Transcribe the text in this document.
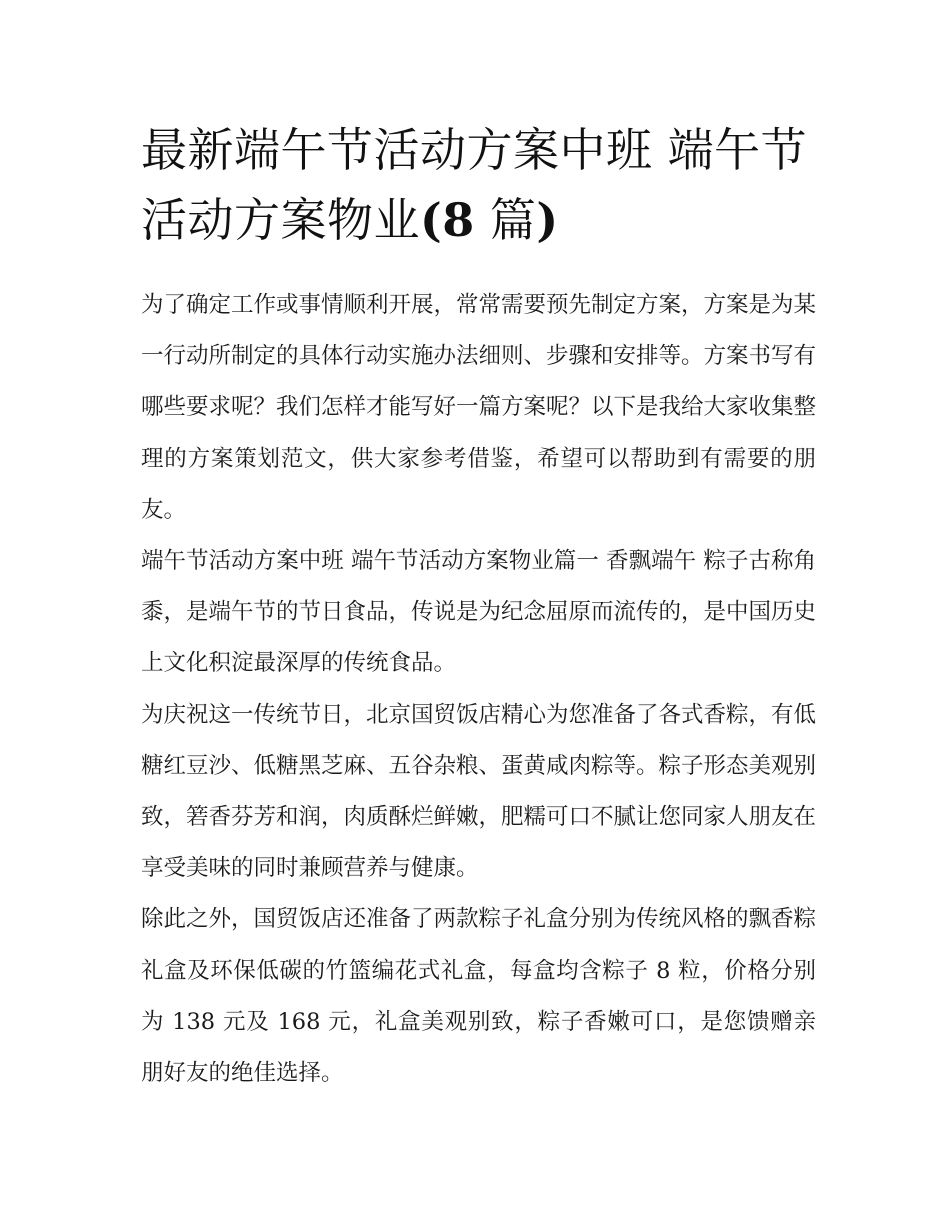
最新端午节活动方案中班 端午节活动方案物业(8 篇)

为了确定工作或事情顺利开展，常常需要预先制定方案，方案是为某一行动所制定的具体行动实施办法细则、步骤和安排等。方案书写有哪些要求呢？我们怎样才能写好一篇方案呢？以下是我给大家收集整理的方案策划范文，供大家参考借鉴，希望可以帮助到有需要的朋友。

端午节活动方案中班 端午节活动方案物业篇一 香飘端午 粽子古称角黍，是端午节的节日食品，传说是为纪念屈原而流传的，是中国历史上文化积淀最深厚的传统食品。

为庆祝这一传统节日，北京国贸饭店精心为您准备了各式香粽，有低糖红豆沙、低糖黑芝麻、五谷杂粮、蛋黄咸肉粽等。粽子形态美观别致，箬香芬芳和润，肉质酥烂鲜嫩，肥糯可口不腻让您同家人朋友在享受美味的同时兼顾营养与健康。

除此之外，国贸饭店还准备了两款粽子礼盒分别为传统风格的飘香粽礼盒及环保低碳的竹篮编花式礼盒，每盒均含粽子 8 粒，价格分别为 138 元及 168 元，礼盒美观别致，粽子香嫩可口，是您馈赠亲朋好友的绝佳选择。
